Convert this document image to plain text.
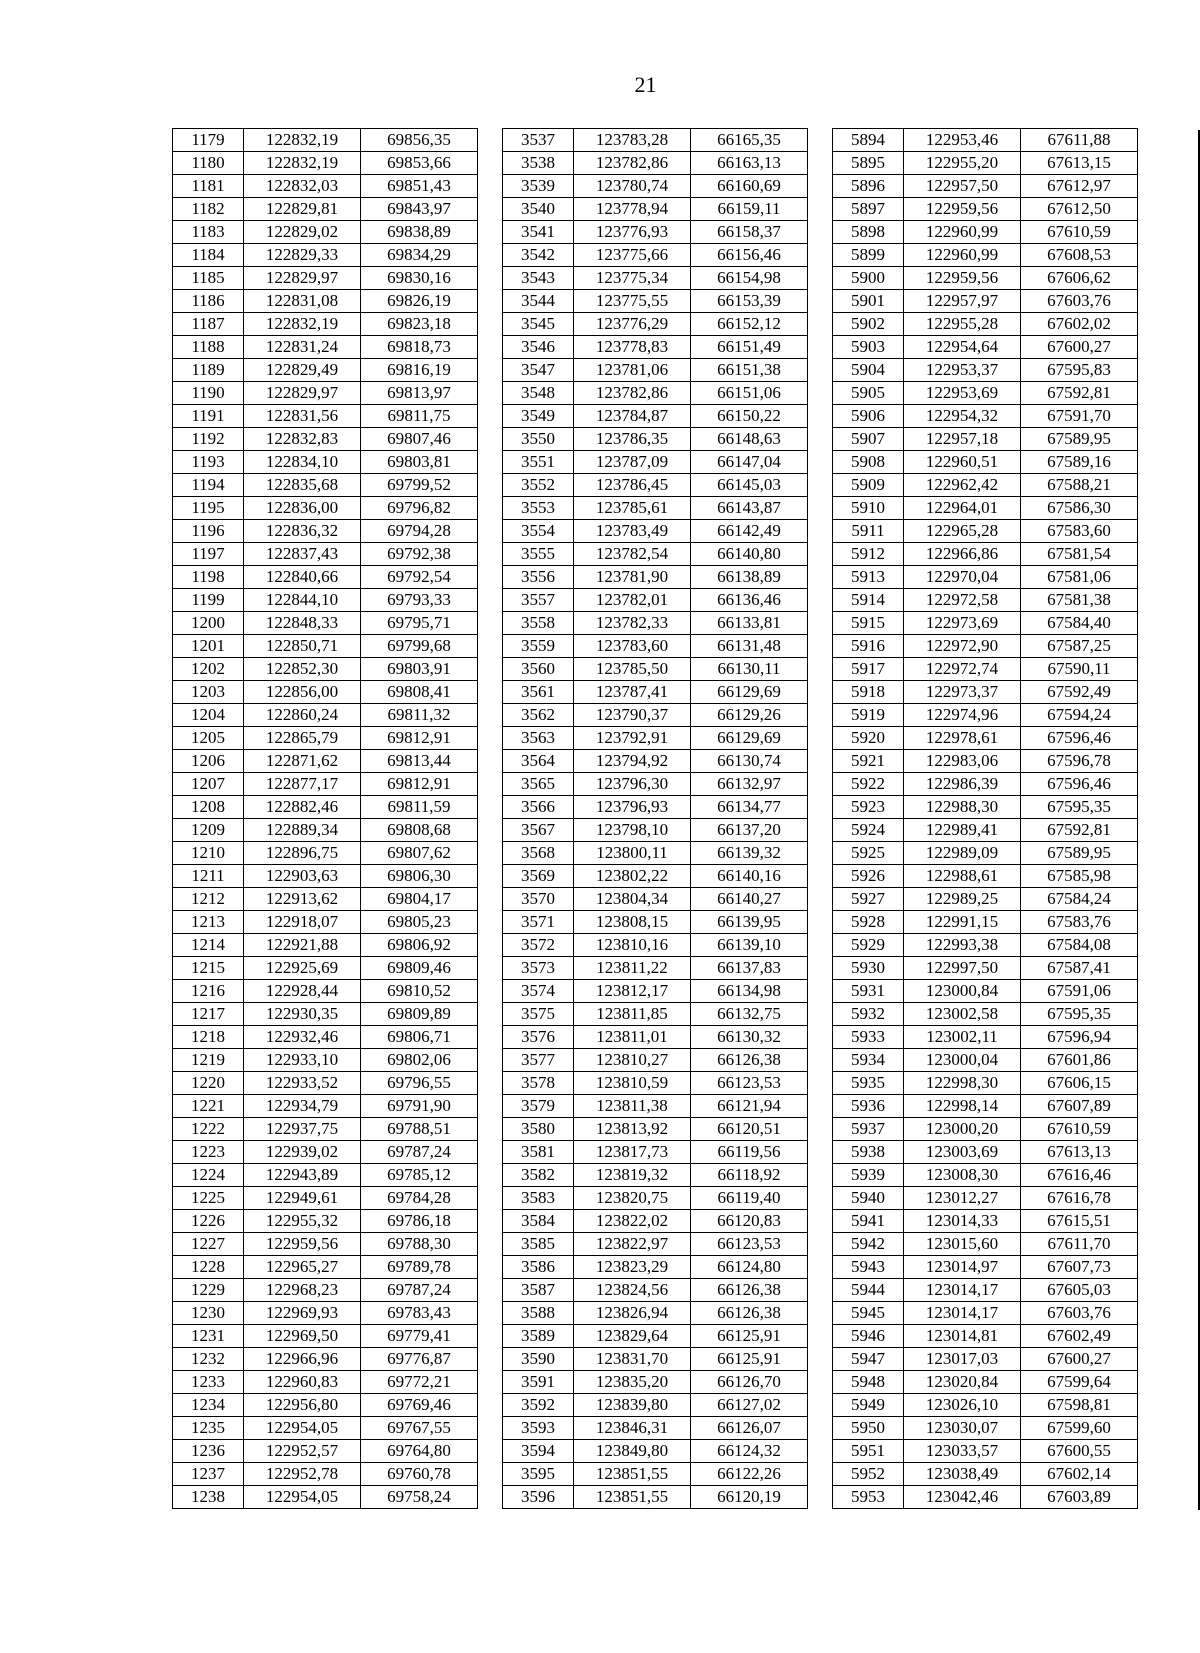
21
1179	122832,19	69856,35		3537	123783,28	66165,35		5894	122953,46	67611,88
1180	122832,19	69853,66		3538	123782,86	66163,13		5895	122955,20	67613,15
1181	122832,03	69851,43		3539	123780,74	66160,69		5896	122957,50	67612,97
1182	122829,81	69843,97		3540	123778,94	66159,11		5897	122959,56	67612,50
1183	122829,02	69838,89		3541	123776,93	66158,37		5898	122960,99	67610,59
1184	122829,33	69834,29		3542	123775,66	66156,46		5899	122960,99	67608,53
1185	122829,97	69830,16		3543	123775,34	66154,98		5900	122959,56	67606,62
1186	122831,08	69826,19		3544	123775,55	66153,39		5901	122957,97	67603,76
1187	122832,19	69823,18		3545	123776,29	66152,12		5902	122955,28	67602,02
1188	122831,24	69818,73		3546	123778,83	66151,49		5903	122954,64	67600,27
1189	122829,49	69816,19		3547	123781,06	66151,38		5904	122953,37	67595,83
1190	122829,97	69813,97		3548	123782,86	66151,06		5905	122953,69	67592,81
1191	122831,56	69811,75		3549	123784,87	66150,22		5906	122954,32	67591,70
1192	122832,83	69807,46		3550	123786,35	66148,63		5907	122957,18	67589,95
1193	122834,10	69803,81		3551	123787,09	66147,04		5908	122960,51	67589,16
1194	122835,68	69799,52		3552	123786,45	66145,03		5909	122962,42	67588,21
1195	122836,00	69796,82		3553	123785,61	66143,87		5910	122964,01	67586,30
1196	122836,32	69794,28		3554	123783,49	66142,49		5911	122965,28	67583,60
1197	122837,43	69792,38		3555	123782,54	66140,80		5912	122966,86	67581,54
1198	122840,66	69792,54		3556	123781,90	66138,89		5913	122970,04	67581,06
1199	122844,10	69793,33		3557	123782,01	66136,46		5914	122972,58	67581,38
1200	122848,33	69795,71		3558	123782,33	66133,81		5915	122973,69	67584,40
1201	122850,71	69799,68		3559	123783,60	66131,48		5916	122972,90	67587,25
1202	122852,30	69803,91		3560	123785,50	66130,11		5917	122972,74	67590,11
1203	122856,00	69808,41		3561	123787,41	66129,69		5918	122973,37	67592,49
1204	122860,24	69811,32		3562	123790,37	66129,26		5919	122974,96	67594,24
1205	122865,79	69812,91		3563	123792,91	66129,69		5920	122978,61	67596,46
1206	122871,62	69813,44		3564	123794,92	66130,74		5921	122983,06	67596,78
1207	122877,17	69812,91		3565	123796,30	66132,97		5922	122986,39	67596,46
1208	122882,46	69811,59		3566	123796,93	66134,77		5923	122988,30	67595,35
1209	122889,34	69808,68		3567	123798,10	66137,20		5924	122989,41	67592,81
1210	122896,75	69807,62		3568	123800,11	66139,32		5925	122989,09	67589,95
1211	122903,63	69806,30		3569	123802,22	66140,16		5926	122988,61	67585,98
1212	122913,62	69804,17		3570	123804,34	66140,27		5927	122989,25	67584,24
1213	122918,07	69805,23		3571	123808,15	66139,95		5928	122991,15	67583,76
1214	122921,88	69806,92		3572	123810,16	66139,10		5929	122993,38	67584,08
1215	122925,69	69809,46		3573	123811,22	66137,83		5930	122997,50	67587,41
1216	122928,44	69810,52		3574	123812,17	66134,98		5931	123000,84	67591,06
1217	122930,35	69809,89		3575	123811,85	66132,75		5932	123002,58	67595,35
1218	122932,46	69806,71		3576	123811,01	66130,32		5933	123002,11	67596,94
1219	122933,10	69802,06		3577	123810,27	66126,38		5934	123000,04	67601,86
1220	122933,52	69796,55		3578	123810,59	66123,53		5935	122998,30	67606,15
1221	122934,79	69791,90		3579	123811,38	66121,94		5936	122998,14	67607,89
1222	122937,75	69788,51		3580	123813,92	66120,51		5937	123000,20	67610,59
1223	122939,02	69787,24		3581	123817,73	66119,56		5938	123003,69	67613,13
1224	122943,89	69785,12		3582	123819,32	66118,92		5939	123008,30	67616,46
1225	122949,61	69784,28		3583	123820,75	66119,40		5940	123012,27	67616,78
1226	122955,32	69786,18		3584	123822,02	66120,83		5941	123014,33	67615,51
1227	122959,56	69788,30		3585	123822,97	66123,53		5942	123015,60	67611,70
1228	122965,27	69789,78		3586	123823,29	66124,80		5943	123014,97	67607,73
1229	122968,23	69787,24		3587	123824,56	66126,38		5944	123014,17	67605,03
1230	122969,93	69783,43		3588	123826,94	66126,38		5945	123014,17	67603,76
1231	122969,50	69779,41		3589	123829,64	66125,91		5946	123014,81	67602,49
1232	122966,96	69776,87		3590	123831,70	66125,91		5947	123017,03	67600,27
1233	122960,83	69772,21		3591	123835,20	66126,70		5948	123020,84	67599,64
1234	122956,80	69769,46		3592	123839,80	66127,02		5949	123026,10	67598,81
1235	122954,05	69767,55		3593	123846,31	66126,07		5950	123030,07	67599,60
1236	122952,57	69764,80		3594	123849,80	66124,32		5951	123033,57	67600,55
1237	122952,78	69760,78		3595	123851,55	66122,26		5952	123038,49	67602,14
1238	122954,05	69758,24		3596	123851,55	66120,19		5953	123042,46	67603,89
